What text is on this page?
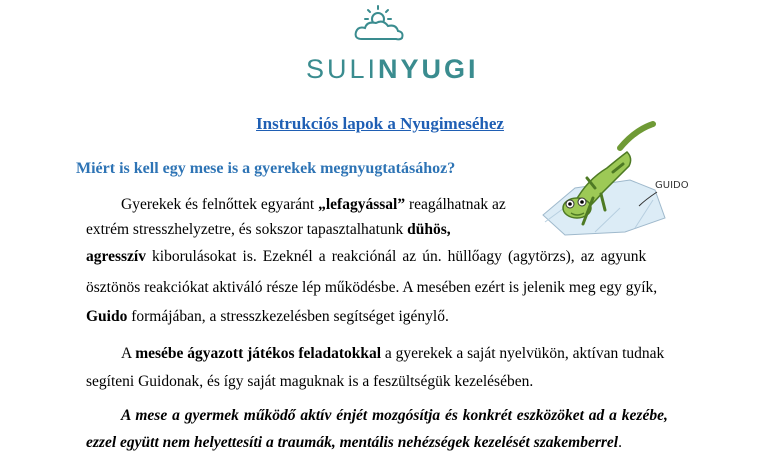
SULINYUGI
Instrukciós lapok a Nyugimeséhez
Miért is kell egy mese is a gyerekek megnyugtatásához?
GUIDO
Gyerekek és felnőttek egyaránt „lefagyással” reagálhatnak az
extrém stresszhelyzetre, és sokszor tapasztalhatunk dühös,
agresszív kiborulásokat is. Ezeknél a reakciónál az ún. hüllőagy (agytörzs), az agyunk
ösztönös reakciókat aktiváló része lép működésbe. A mesében ezért is jelenik meg egy gyík,
Guido formájában, a stresszkezelésben segítséget igénylő.
A mesébe ágyazott játékos feladatokkal a gyerekek a saját nyelvükön, aktívan tudnak
segíteni Guidonak, és így saját maguknak is a feszültségük kezelésében.
A mese a gyermek működő aktív énjét mozgósítja és konkrét eszközöket ad a kezébe,
ezzel együtt nem helyettesíti a traumák, mentális nehézségek kezelését szakemberrel.
